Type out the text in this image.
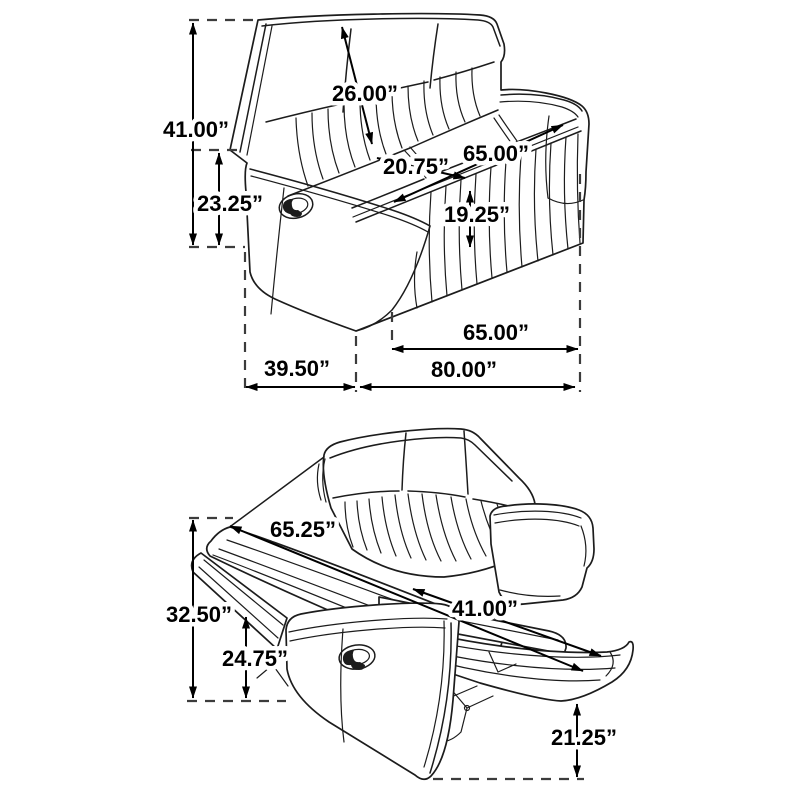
41.00”
23.25”
26.00”
65.00”
20.75”
19.25”
65.00”
39.50”	80.00”
65.25”
32.50”
24.75”
41.00”
21.25”
